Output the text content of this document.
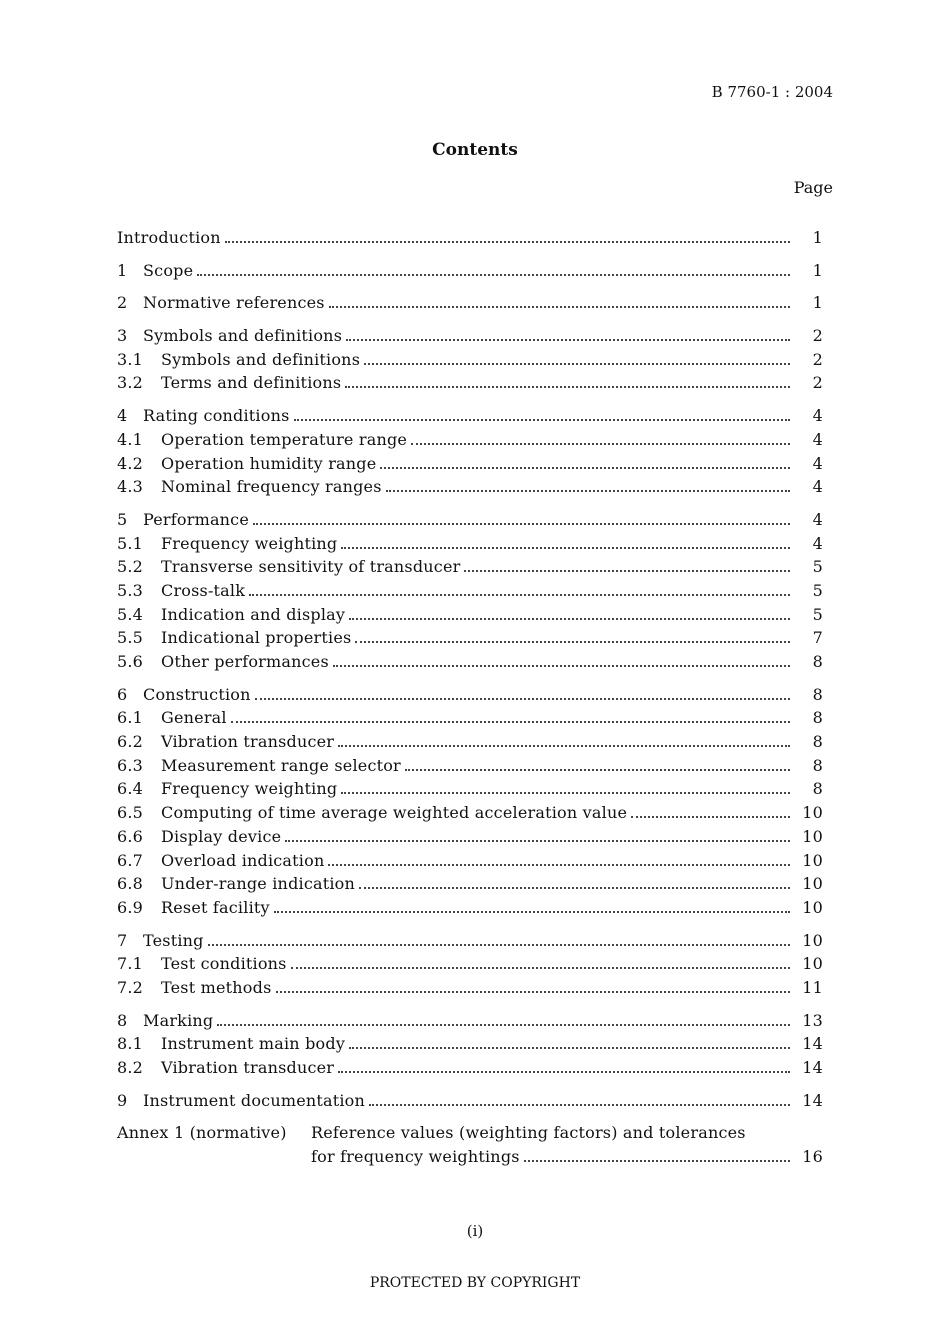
B 7760-1 : 2004
Contents
Page
Introduction	1
1 Scope	1
2 Normative references	1
3 Symbols and definitions	2
3.1	Symbols and definitions	2
3.2	Terms and definitions	2
4 Rating conditions	4
4.1	Operation temperature range	4
4.2	Operation humidity range	4
4.3	Nominal frequency ranges	4
5 Performance	4
5.1	Frequency weighting	4
5.2	Transverse sensitivity of transducer	5
5.3	Cross-talk	5
5.4	Indication and display	5
5.5	Indicational properties	7
5.6	Other performances	8
6 Construction	8
6.1	General	8
6.2	Vibration transducer	8
6.3	Measurement range selector	8
6.4	Frequency weighting	8
6.5	Computing of time average weighted acceleration value	10
6.6	Display device	10
6.7	Overload indication	10
6.8	Under-range indication	10
6.9	Reset facility	10
7 Testing	10
7.1	Test conditions	10
7.2	Test methods	11
8 Marking	13
8.1	Instrument main body	14
8.2	Vibration transducer	14
9 Instrument documentation	14
Annex 1 (normative)	Reference values (weighting factors) and tolerances
for frequency weightings	16
(i)
PROTECTED BY COPYRIGHT
